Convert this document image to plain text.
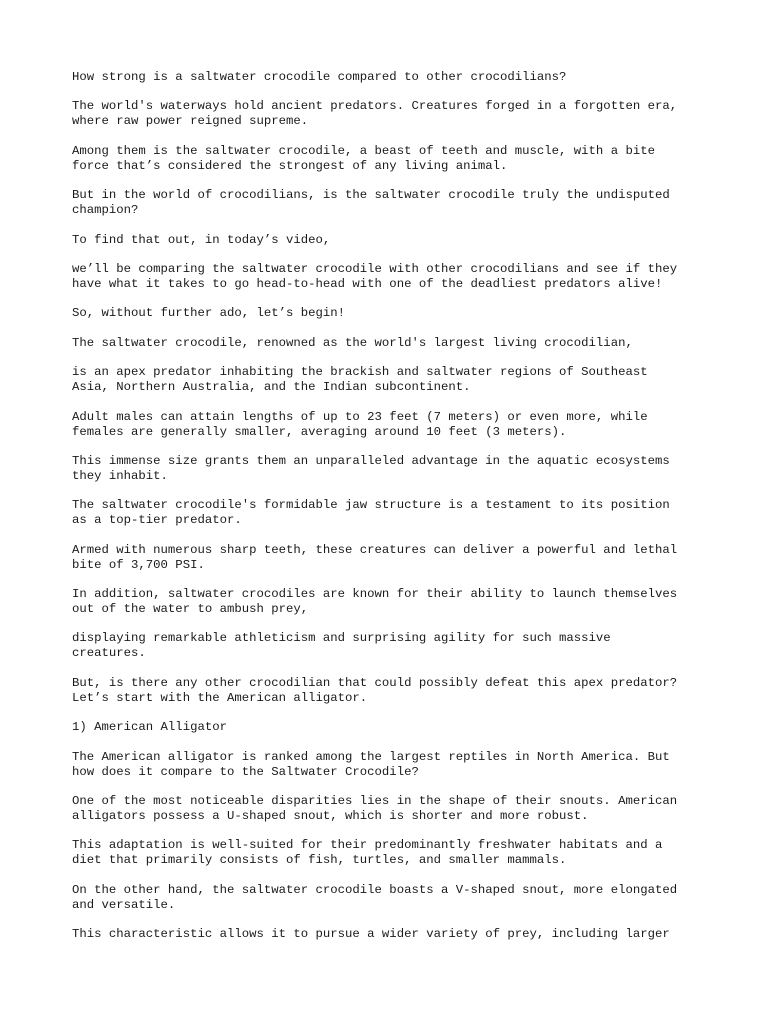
How strong is a saltwater crocodile compared to other crocodilians?

The world's waterways hold ancient predators. Creatures forged in a forgotten era,
where raw power reigned supreme.

Among them is the saltwater crocodile, a beast of teeth and muscle, with a bite
force that’s considered the strongest of any living animal.

But in the world of crocodilians, is the saltwater crocodile truly the undisputed
champion?

To find that out, in today’s video,

we’ll be comparing the saltwater crocodile with other crocodilians and see if they
have what it takes to go head-to-head with one of the deadliest predators alive!

So, without further ado, let’s begin!

The saltwater crocodile, renowned as the world's largest living crocodilian,

is an apex predator inhabiting the brackish and saltwater regions of Southeast
Asia, Northern Australia, and the Indian subcontinent.

Adult males can attain lengths of up to 23 feet (7 meters) or even more, while
females are generally smaller, averaging around 10 feet (3 meters).

This immense size grants them an unparalleled advantage in the aquatic ecosystems
they inhabit.

The saltwater crocodile's formidable jaw structure is a testament to its position
as a top-tier predator.

Armed with numerous sharp teeth, these creatures can deliver a powerful and lethal
bite of 3,700 PSI.

In addition, saltwater crocodiles are known for their ability to launch themselves
out of the water to ambush prey,

displaying remarkable athleticism and surprising agility for such massive
creatures.

But, is there any other crocodilian that could possibly defeat this apex predator?
Let’s start with the American alligator.

1) American Alligator

The American alligator is ranked among the largest reptiles in North America. But
how does it compare to the Saltwater Crocodile?

One of the most noticeable disparities lies in the shape of their snouts. American
alligators possess a U-shaped snout, which is shorter and more robust.

This adaptation is well-suited for their predominantly freshwater habitats and a
diet that primarily consists of fish, turtles, and smaller mammals.

On the other hand, the saltwater crocodile boasts a V-shaped snout, more elongated
and versatile.

This characteristic allows it to pursue a wider variety of prey, including larger
